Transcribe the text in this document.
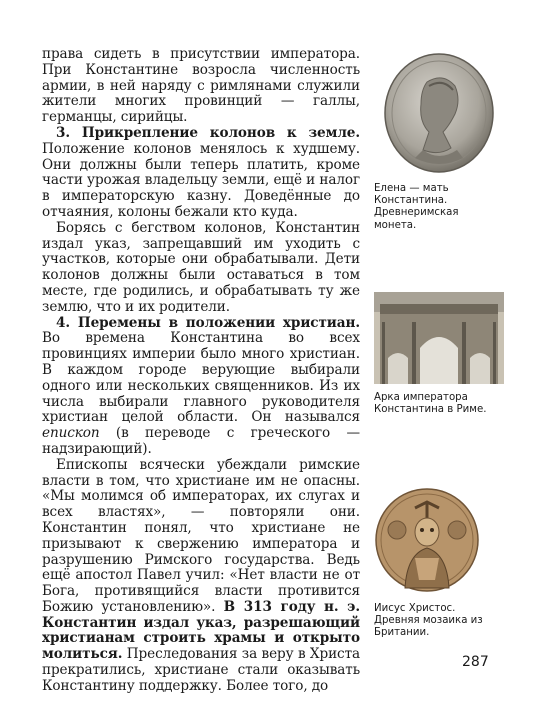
права сидеть в присутствии императора. При Константине возросла численность армии, в ней наряду с римлянами служили жители многих провинций — галлы, германцы, сирийцы.

3. Прикрепление колонов к земле. Положение колонов менялось к худшему. Они должны были теперь платить, кроме части урожая владельцу земли, ещё и налог в императорскую казну. Доведённые до отчаяния, колоны бежали кто куда.

Борясь с бегством колонов, Константин издал указ, запрещавший им уходить с участков, которые они обрабатывали. Дети колонов должны были оставаться в том месте, где родились, и обрабатывать ту же землю, что и их родители.

4. Перемены в положении христиан. Во времена Константина во всех провинциях империи было много христиан. В каждом городе верующие выбирали одного или нескольких священников. Из их числа выбирали главного руководителя христиан целой области. Он назывался епископ (в переводе с греческого — надзирающий).

Епископы всячески убеждали римские власти в том, что христиане им не опасны. «Мы молимся об императорах, их слугах и всех властях», — повторяли они. Константин понял, что христиане не призывают к свержению императора и разрушению Римского государства. Ведь ещё апостол Павел учил: «Нет власти не от Бога, противящийся власти противится Божию установлению». В 313 году н. э. Константин издал указ, разрешающий христианам строить храмы и открыто молиться. Преследования за веру в Христа прекратились, христиане стали оказывать Константину поддержку. Более того, до

Елена — мать Константина. Древнеримская монета.
Арка императора Константина в Риме.
Иисус Христос. Древняя мозаика из Британии.
287
